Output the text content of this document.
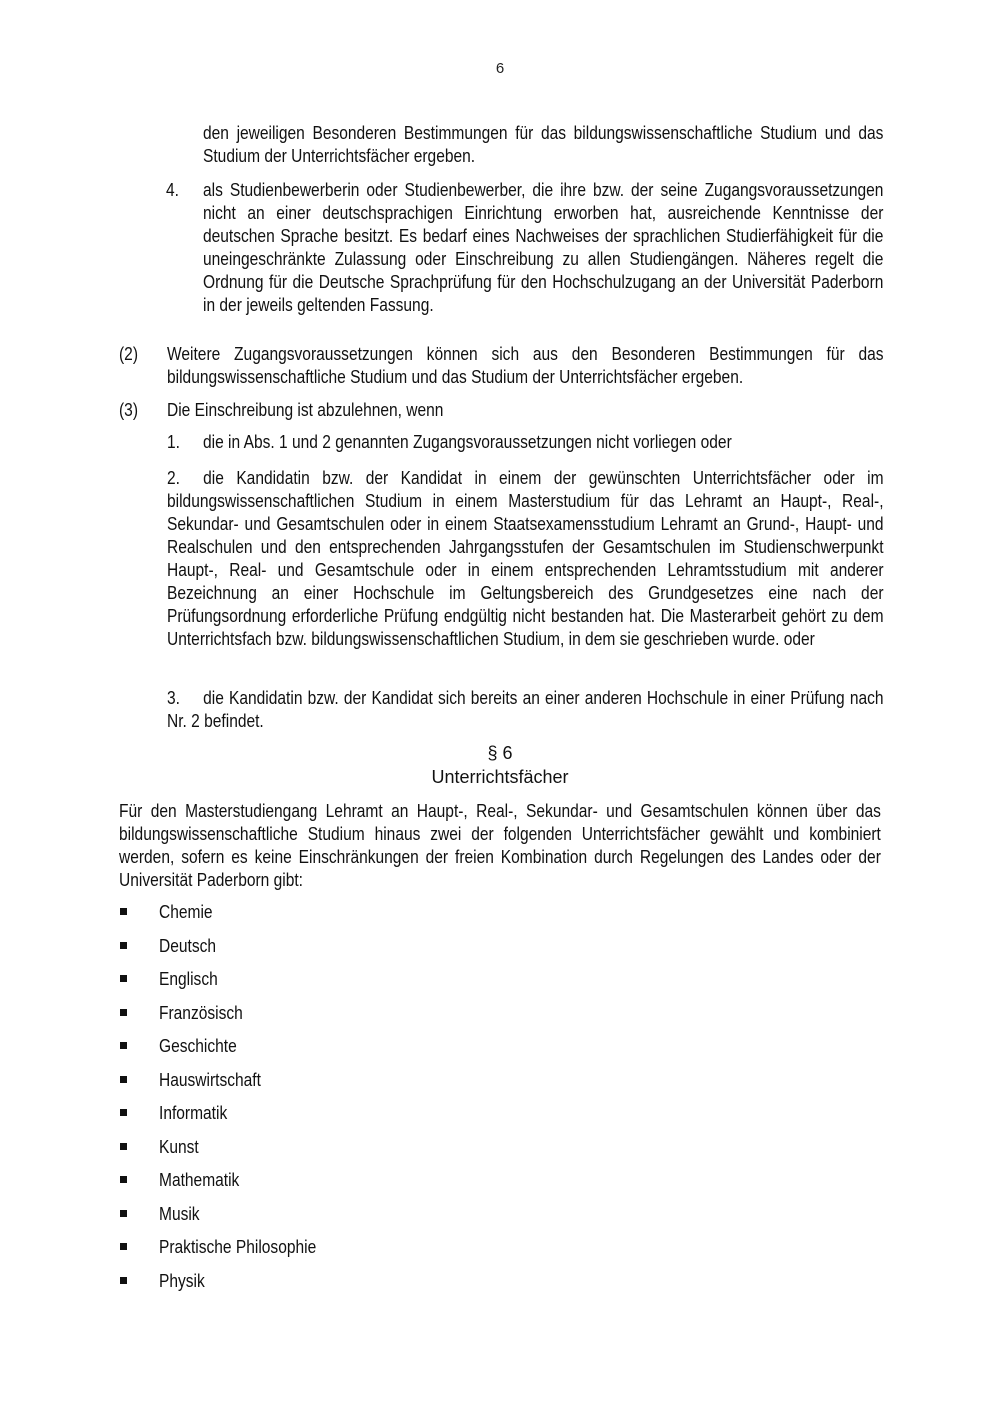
6

den jeweiligen Besonderen Bestimmungen für das bildungswissenschaftliche Studium und das Studium der Unterrichtsfächer ergeben.

4. als Studienbewerberin oder Studienbewerber, die ihre bzw. der seine Zugangsvoraussetzungen nicht an einer deutschsprachigen Einrichtung erworben hat, ausreichende Kenntnisse der deutschen Sprache besitzt. Es bedarf eines Nachweises der sprachlichen Studierfähigkeit für die uneingeschränkte Zulassung oder Einschreibung zu allen Studiengängen. Näheres regelt die Ordnung für die Deutsche Sprachprüfung für den Hochschulzugang an der Universität Paderborn in der jeweils geltenden Fassung.

(2) Weitere Zugangsvoraussetzungen können sich aus den Besonderen Bestimmungen für das bildungswissenschaftliche Studium und das Studium der Unterrichtsfächer ergeben.

(3) Die Einschreibung ist abzulehnen, wenn
1. die in Abs. 1 und 2 genannten Zugangsvoraussetzungen nicht vorliegen oder
2.	die Kandidatin bzw. der Kandidat in einem der gewünschten Unterrichtsfächer oder im bildungswissenschaftlichen Studium in einem Masterstudium für das Lehramt an Haupt-, Real-, Sekundar- und Gesamtschulen oder in einem Staatsexamensstudium Lehramt an Grund-, Haupt- und Realschulen und den entsprechenden Jahrgangsstufen der Gesamtschulen im Studienschwerpunkt Haupt-, Real- und Gesamtschule oder in einem entsprechenden Lehramtsstudium mit anderer Bezeichnung an einer Hochschule im Geltungsbereich des Grundgesetzes eine nach der Prüfungsordnung erforderliche Prüfung endgültig nicht bestanden hat. Die Masterarbeit gehört zu dem Unterrichtsfach bzw. bildungswissenschaftlichen Studium, in dem sie geschrieben wurde. oder

3.	die Kandidatin bzw. der Kandidat sich bereits an einer anderen Hochschule in einer Prüfung nach Nr. 2 befindet.

§ 6
Unterrichtsfächer

Für den Masterstudiengang Lehramt an Haupt-, Real-, Sekundar- und Gesamtschulen können über das bildungswissenschaftliche Studium hinaus zwei der folgenden Unterrichtsfächer gewählt und kombiniert werden, sofern es keine Einschränkungen der freien Kombination durch Regelungen des Landes oder der Universität Paderborn gibt:

Chemie
Deutsch
Englisch
Französisch
Geschichte
Hauswirtschaft
Informatik
Kunst
Mathematik
Musik
Praktische Philosophie
Physik
